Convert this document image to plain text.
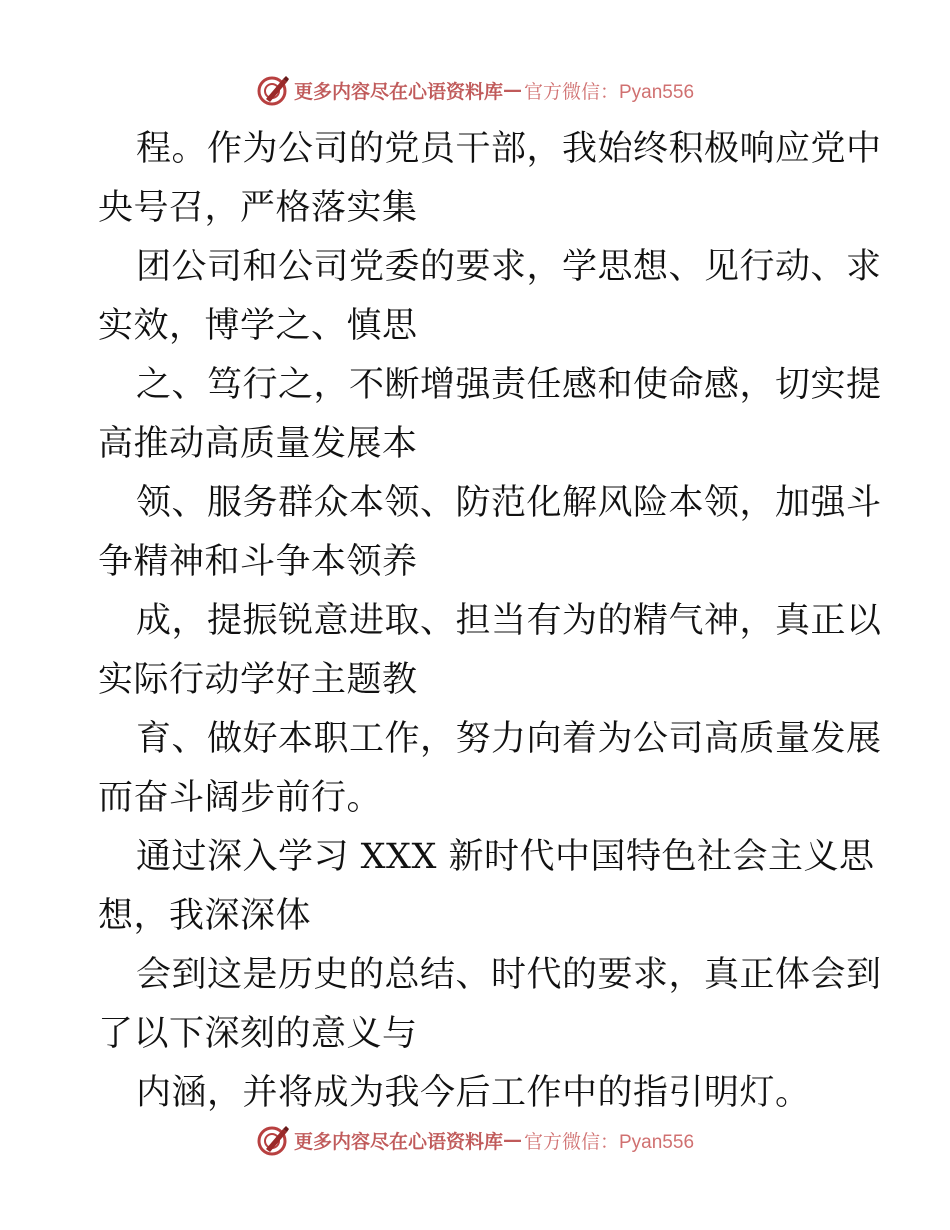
更多内容尽在心语资料库 — 官方微信：Pyan556
程。作为公司的党员干部，我始终积极响应党中
央号召，严格落实集
团公司和公司党委的要求，学思想、见行动、求
实效，博学之、慎思
之、笃行之，不断增强责任感和使命感，切实提
高推动高质量发展本
领、服务群众本领、防范化解风险本领，加强斗
争精神和斗争本领养
成，提振锐意进取、担当有为的精气神，真正以
实际行动学好主题教
育、做好本职工作，努力向着为公司高质量发展
而奋斗阔步前行。
通过深入学习 XXX 新时代中国特色社会主义思
想，我深深体
会到这是历史的总结、时代的要求，真正体会到
了以下深刻的意义与
内涵，并将成为我今后工作中的指引明灯。
更多内容尽在心语资料库 — 官方微信：Pyan556
